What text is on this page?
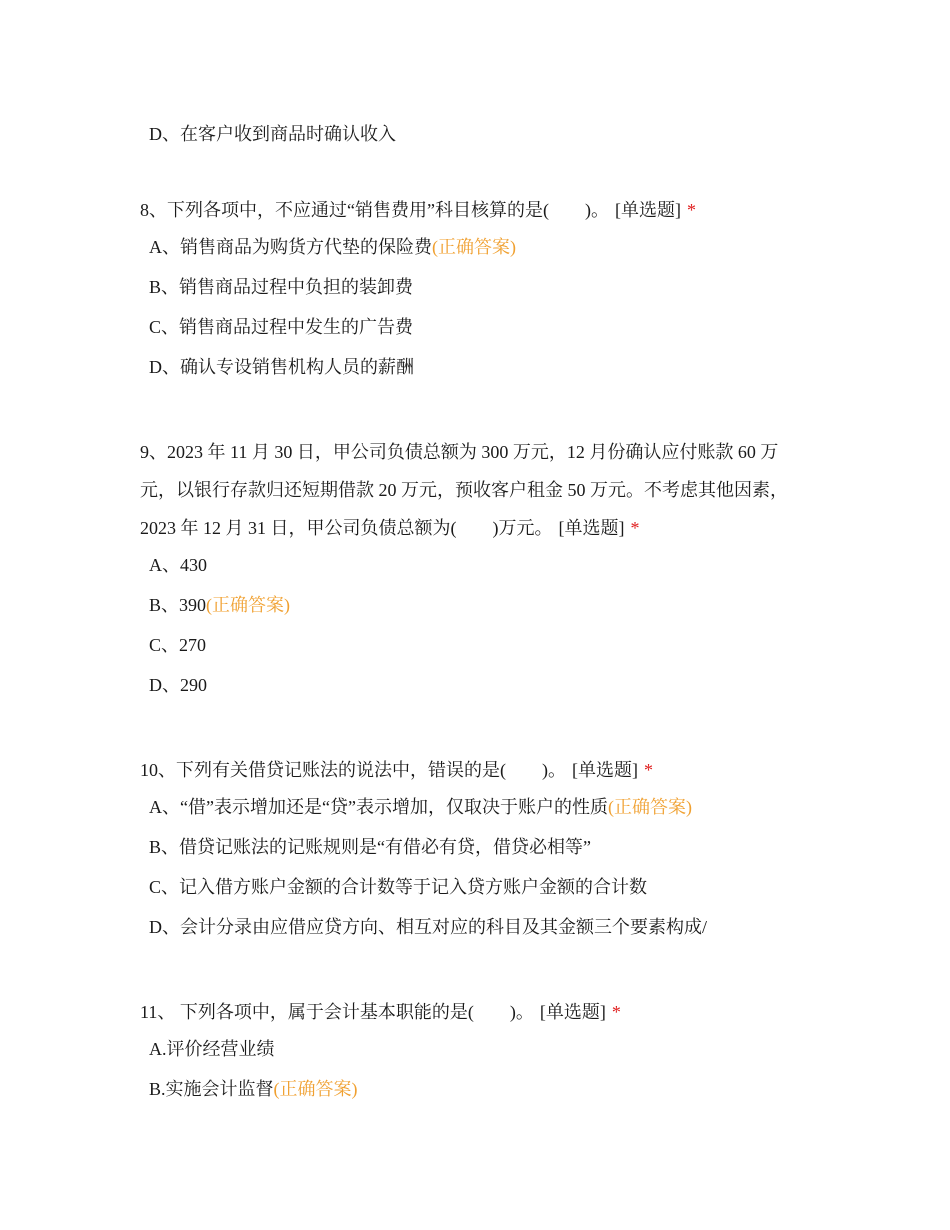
D、在客户收到商品时确认收入

8、下列各项中，不应通过“销售费用”科目核算的是(　　)。 [单选题] *

A、销售商品为购货方代垫的保险费(正确答案)
B、销售商品过程中负担的装卸费
C、销售商品过程中发生的广告费
D、确认专设销售机构人员的薪酬

9、2023 年 11 月 30 日，甲公司负债总额为 300 万元，12 月份确认应付账款 60 万元，以银行存款归还短期借款 20 万元，预收客户租金 50 万元。不考虑其他因素，2023 年 12 月 31 日，甲公司负债总额为(　　)万元。 [单选题] *

A、430
B、390(正确答案)
C、270
D、290

10、下列有关借贷记账法的说法中，错误的是(　　)。 [单选题] *

A、“借”表示增加还是“贷”表示增加，仅取决于账户的性质(正确答案)
B、借贷记账法的记账规则是“有借必有贷，借贷必相等”
C、记入借方账户金额的合计数等于记入贷方账户金额的合计数
D、会计分录由应借应贷方向、相互对应的科目及其金额三个要素构成/

11、 下列各项中，属于会计基本职能的是(　　)。 [单选题] *

A.评价经营业绩
B.实施会计监督(正确答案)
